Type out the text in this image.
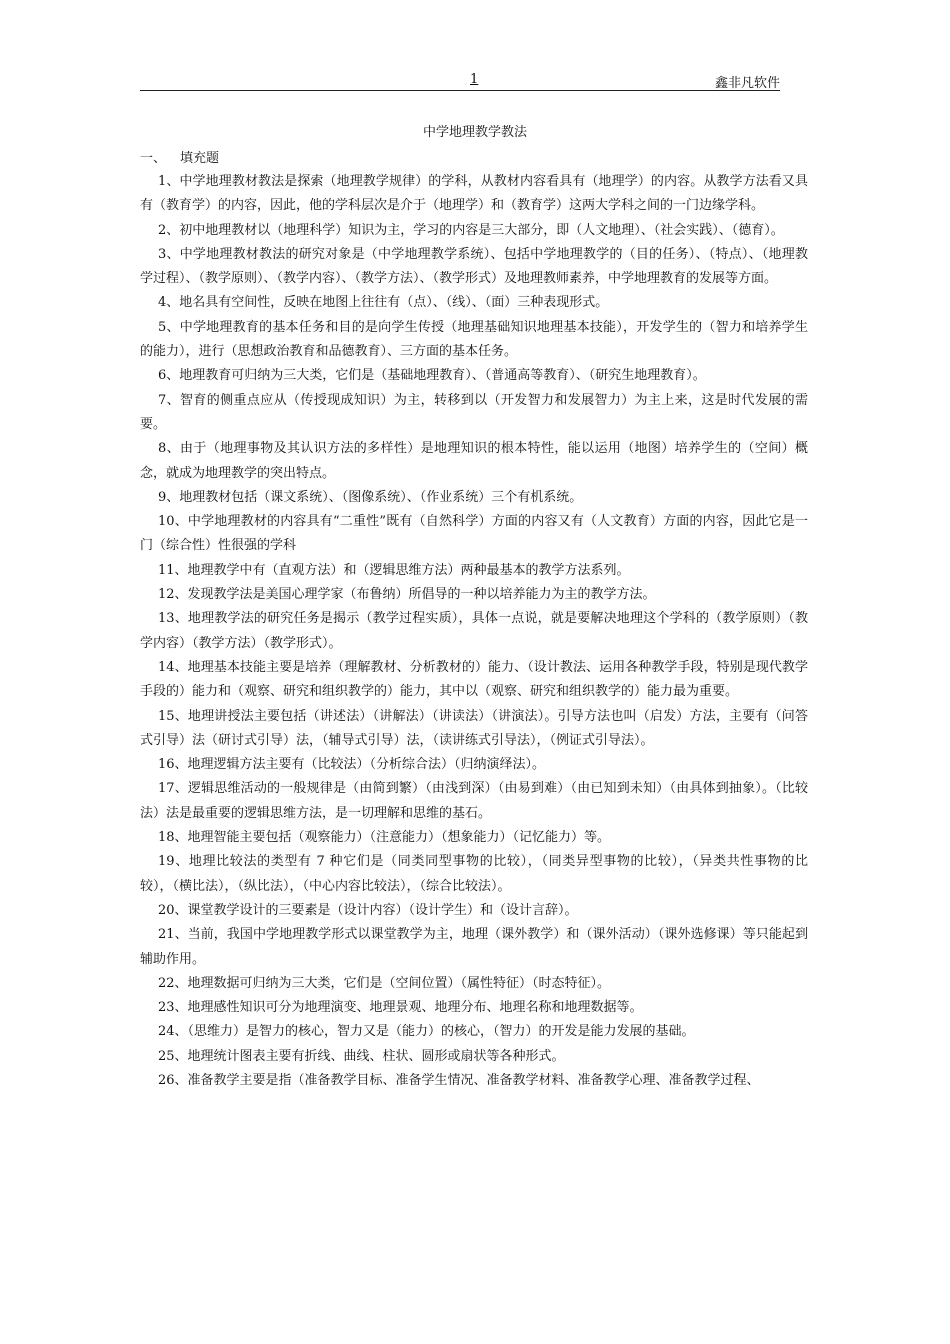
1	鑫非凡软件
中学地理教学教法
一、 填充题

1、中学地理教材教法是探索（地理教学规律）的学科，从教材内容看具有（地理学）的内容。从教学方法看又具有（教育学）的内容，因此，他的学科层次是介于（地理学）和（教育学）这两大学科之间的一门边缘学科。

2、初中地理教材以（地理科学）知识为主，学习的内容是三大部分，即（人文地理）、（社会实践）、（德育）。

3、中学地理教材教法的研究对象是（中学地理教学系统）、包括中学地理教学的（目的任务）、（特点）、（地理教学过程）、（教学原则）、（教学内容）、（教学方法）、（教学形式）及地理教师素养，中学地理教育的发展等方面。

4、地名具有空间性，反映在地图上往往有（点）、（线）、（面）三种表现形式。

5、中学地理教育的基本任务和目的是向学生传授（地理基础知识地理基本技能），开发学生的（智力和培养学生的能力），进行（思想政治教育和品德教育）、三方面的基本任务。

6、地理教育可归纳为三大类，它们是（基础地理教育）、（普通高等教育）、（研究生地理教育）。

7、智育的侧重点应从（传授现成知识）为主，转移到以（开发智力和发展智力）为主上来，这是时代发展的需要。

8、由于（地理事物及其认识方法的多样性）是地理知识的根本特性，能以运用（地图）培养学生的（空间）概念，就成为地理教学的突出特点。

9、地理教材包括（课文系统）、（图像系统）、（作业系统）三个有机系统。

10、中学地理教材的内容具有“二重性”既有（自然科学）方面的内容又有（人文教育）方面的内容，因此它是一门（综合性）性很强的学科

11、地理教学中有（直观方法）和（逻辑思维方法）两种最基本的教学方法系列。

12、发现教学法是美国心理学家（布鲁纳）所倡导的一种以培养能力为主的教学方法。

13、地理教学法的研究任务是揭示（教学过程实质），具体一点说，就是要解决地理这个学科的（教学原则）（教学内容）（教学方法）（教学形式）。

14、地理基本技能主要是培养（理解教材、分析教材的）能力、（设计教法、运用各种教学手段，特别是现代教学手段的）能力和（观察、研究和组织教学的）能力，其中以（观察、研究和组织教学的）能力最为重要。

15、地理讲授法主要包括（讲述法）（讲解法）（讲读法）（讲演法）。引导方法也叫（启发）方法，主要有（问答式引导）法（研讨式引导）法，（辅导式引导）法，（读讲练式引导法），（例证式引导法）。

16、地理逻辑方法主要有（比较法）（分析综合法）（归纳演绎法）。

17、逻辑思维活动的一般规律是（由简到繁）（由浅到深）（由易到难）（由已知到未知）（由具体到抽象）。（比较法）法是最重要的逻辑思维方法，是一切理解和思维的基石。

18、地理智能主要包括（观察能力）（注意能力）（想象能力）（记忆能力）等。

19、地理比较法的类型有 7 种它们是（同类同型事物的比较），（同类异型事物的比较），（异类共性事物的比较），（横比法），（纵比法），（中心内容比较法），（综合比较法）。

20、课堂教学设计的三要素是（设计内容）（设计学生）和（设计言辞）。

21、当前，我国中学地理教学形式以课堂教学为主，地理（课外教学）和（课外活动）（课外选修课）等只能起到辅助作用。

22、地理数据可归纳为三大类，它们是（空间位置）（属性特征）（时态特征）。

23、地理感性知识可分为地理演变、地理景观、地理分布、地理名称和地理数据等。

24、（思维力）是智力的核心，智力又是（能力）的核心，（智力）的开发是能力发展的基础。

25、地理统计图表主要有折线、曲线、柱状、圆形或扇状等各种形式。

26、准备教学主要是指（准备教学目标、准备学生情况、准备教学材料、准备教学心理、准备教学过程、
